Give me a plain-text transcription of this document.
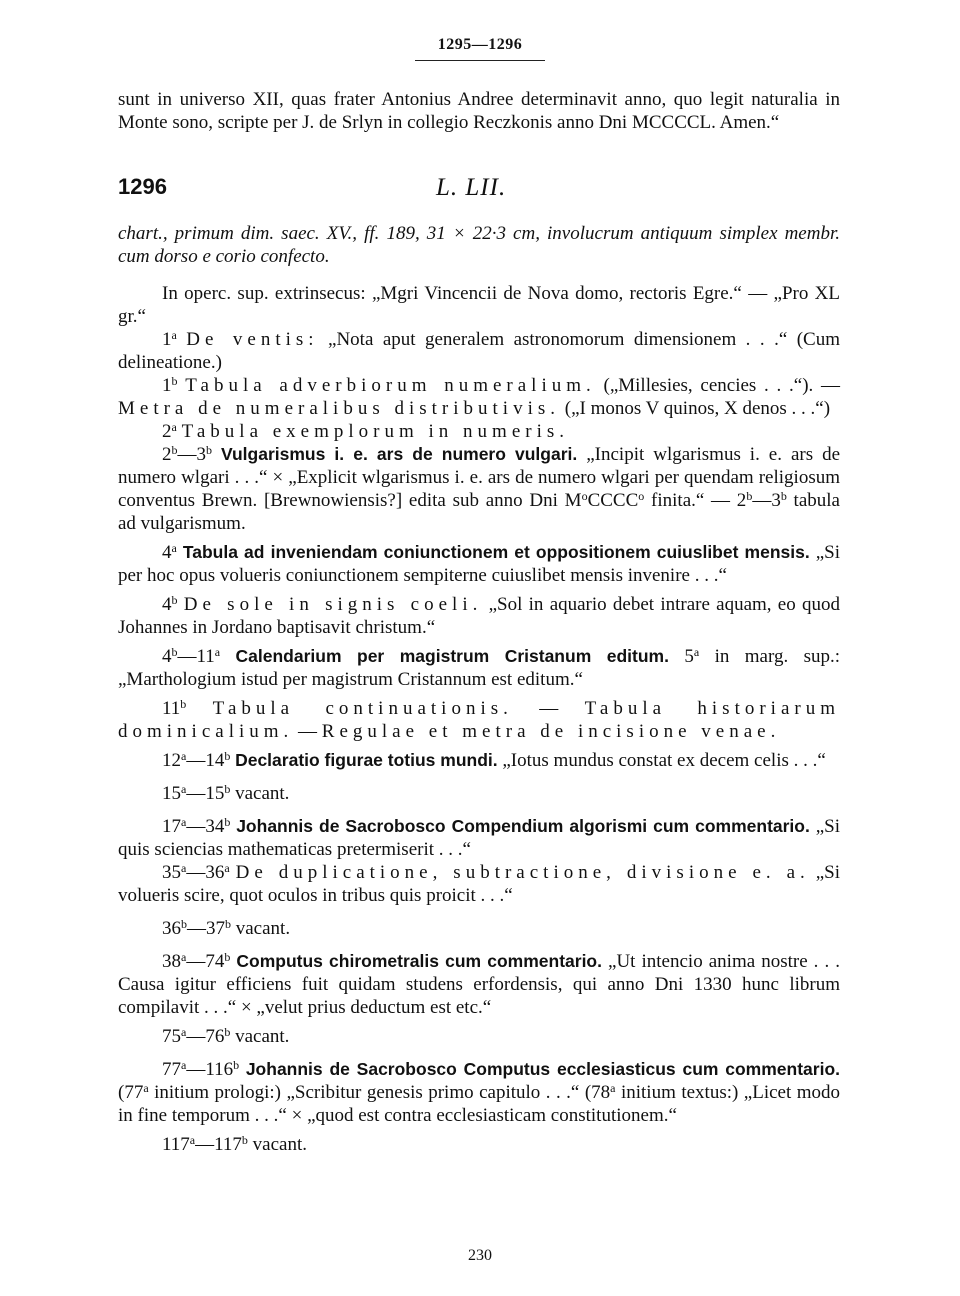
1295—1296

sunt in universo XII, quas frater Antonius Andree determinavit anno, quo legit naturalia in Monte sono, scripte per J. de Srlyn in collegio Reczkonis anno Dni MCCCCL. Amen.“

1296	L. LII.

chart., primum dim. saec. XV., ff. 189, 31 × 22·3 cm, involucrum antiquum simplex membr. cum dorso e corio confecto.

In operc. sup. extrinsecus: „Mgri Vincencii de Nova domo, rectoris Egre.“ — „Pro XL gr.“

1$^a$ De ventis: „Nota aput generalem astronomorum dimensionem . . .“ (Cum delineatione.)

1$^b$ Tabula adverbiorum numeralium. („Millesies, cencies . . .“). — Metra de numeralibus distributivis. („I monos V quinos, X denos . . .“)

2$^a$ Tabula exemplorum in numeris.

2$^b$—3$^b$ Vulgarismus i. e. ars de numero vulgari. „Incipit wlgarismus i. e. ars de numero wlgari . . .“ × „Explicit wlgarismus i. e. ars de numero wlgari per quendam religiosum conventus Brewn. [Brewnowiensis?] edita sub anno Dni $M^oCCCC^o$ finita.“ — 2$^b$—3$^b$ tabula ad vulgarismum.

4$^a$ Tabula ad inveniendam coniunctionem et oppositionem cuiuslibet mensis. „Si per hoc opus volueris coniunctionem sempiterne cuiuslibet mensis invenire . . .“

4$^b$ De sole in signis coeli. „Sol in aquario debet intrare aquam, eo quod Johannes in Jordano baptisavit christum.“

4$^b$—11$^a$ Calendarium per magistrum Cristanum editum. 5$^a$ in marg. sup.: „Marthologium istud per magistrum Cristannum est editum.“

11$^b$ Tabula continuationis. — Tabula historiarum dominicalium. — Regulae et metra de incisione venae.

12$^a$—14$^b$ Declaratio figurae totius mundi. „Iotus mundus constat ex decem celis . . .“

15$^a$—15$^b$ vacant.

17$^a$—34$^b$ Johannis de Sacrobosco Compendium algorismi cum commentario. „Si quis sciencias mathematicas pretermiserit . . .“

35$^a$—36$^a$ De duplicatione, subtractione, divisione e. a. „Si volueris scire, quot oculos in tribus quis proicit . . .“

36$^b$—37$^b$ vacant.

38$^a$—74$^b$ Computus chirometralis cum commentario. „Ut intencio anima nostre . . . Causa igitur efficiens fuit quidam studens erfordensis, qui anno Dni 1330 hunc librum compilavit . . .“ × „velut prius deductum est etc.“

75$^a$—76$^b$ vacant.

77$^a$—116$^b$ Johannis de Sacrobosco Computus ecclesiasticus cum commentario. (77$^a$ initium prologi:) „Scribitur genesis primo capitulo . . .“ (78$^a$ initium textus:) „Licet modo in fine temporum . . .“ × „quod est contra ecclesiasticam constitutionem.“

117$^a$—117$^b$ vacant.

230
